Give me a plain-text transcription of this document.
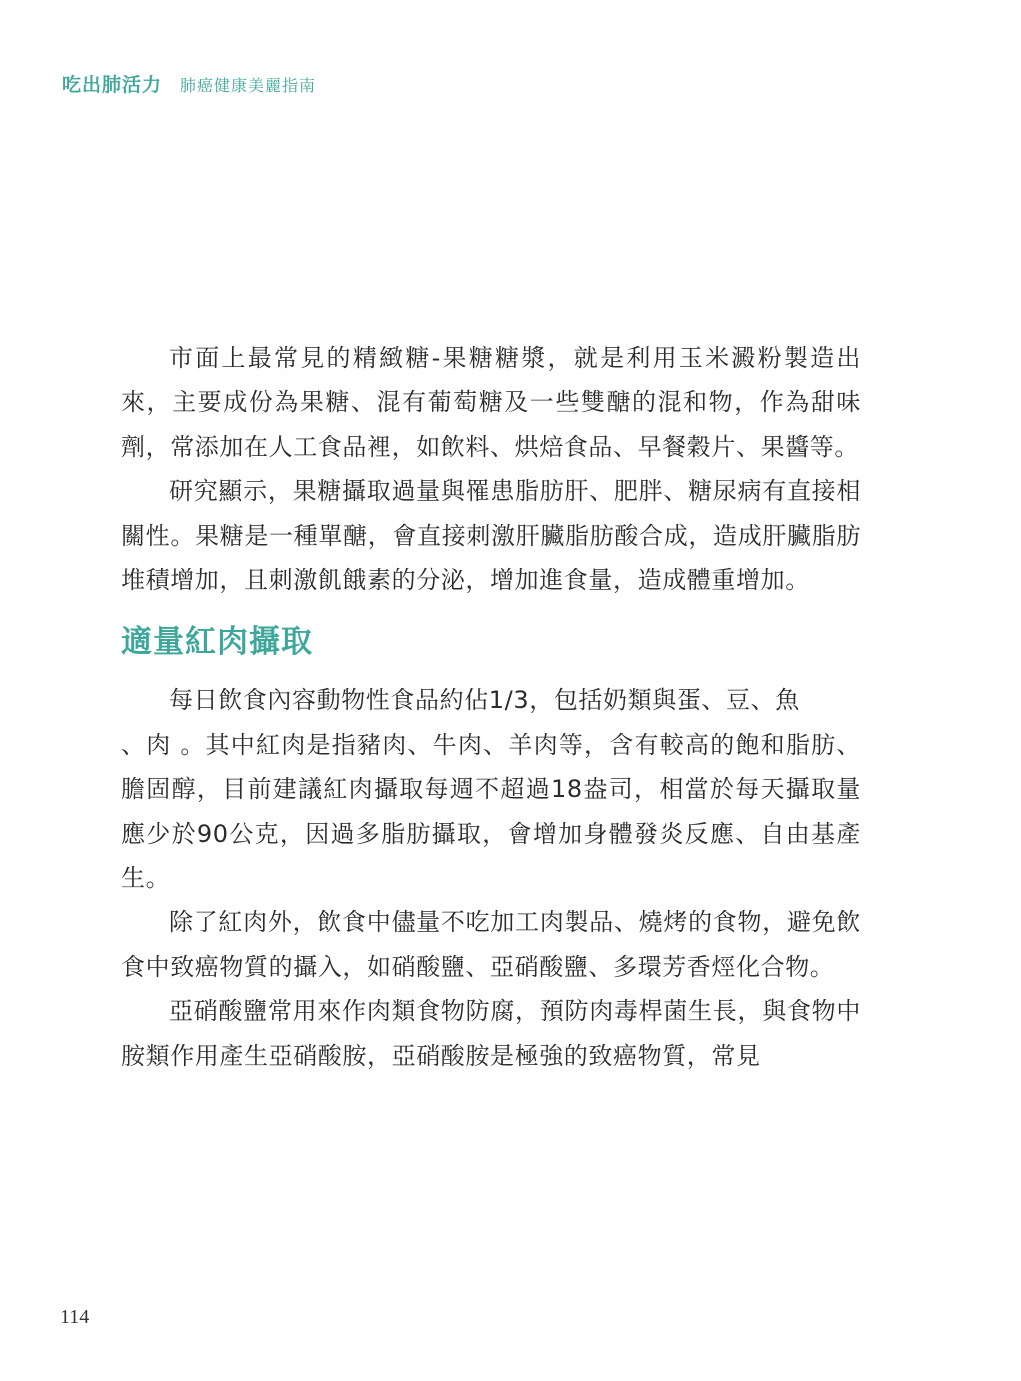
吃出肺活力 肺癌健康美麗指南

市面上最常見的精緻糖-果糖糖漿，就是利用玉米澱粉製造出來，主要成份為果糖、混有葡萄糖及一些雙醣的混和物，作為甜味劑，常添加在人工食品裡，如飲料、烘焙食品、早餐穀片、果醬等。

研究顯示，果糖攝取過量與罹患脂肪肝、肥胖、糖尿病有直接相關性。果糖是一種單醣，會直接刺激肝臟脂肪酸合成，造成肝臟脂肪堆積增加，且刺激飢餓素的分泌，增加進食量，造成體重增加。

適量紅肉攝取

每日飲食內容動物性食品約佔1/3，包括奶類與蛋、豆、魚

、肉 。其中紅肉是指豬肉、牛肉、羊肉等，含有較高的飽和脂肪、膽固醇，目前建議紅肉攝取每週不超過18盎司，相當於每天攝取量應少於90公克，因過多脂肪攝取，會增加身體發炎反應、自由基產生。

除了紅肉外，飲食中儘量不吃加工肉製品、燒烤的食物，避免飲食中致癌物質的攝入，如硝酸鹽、亞硝酸鹽、多環芳香烴化合物。

亞硝酸鹽常用來作肉類食物防腐，預防肉毒桿菌生長，與食物中胺類作用產生亞硝酸胺，亞硝酸胺是極強的致癌物質，常見

114
